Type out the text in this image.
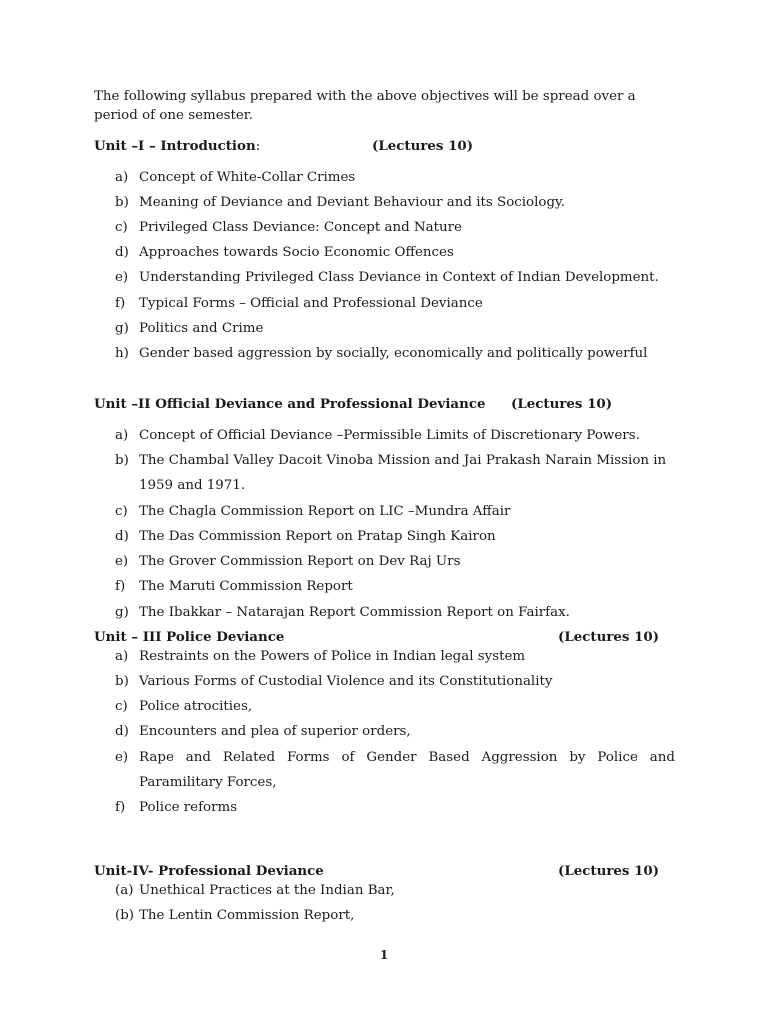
The following syllabus prepared with the above objectives will be spread over a period of one semester.
Unit –I – Introduction:	(Lectures 10)
a) Concept of White-Collar Crimes
b) Meaning of Deviance and Deviant Behaviour and its Sociology.
c) Privileged Class Deviance: Concept and Nature
d) Approaches towards Socio Economic Offences
e) Understanding Privileged Class Deviance in Context of Indian Development.
f)	Typical Forms – Official and Professional Deviance
g) Politics and Crime
h) Gender based aggression by socially, economically and politically powerful
Unit –II Official Deviance and Professional Deviance (Lectures 10)
a) Concept of Official Deviance –Permissible Limits of Discretionary Powers.
b) The Chambal Valley Dacoit Vinoba Mission and Jai Prakash Narain Mission in 1959 and 1971.
c) The Chagla Commission Report on LIC –Mundra Affair
d) The Das Commission Report on Pratap Singh Kairon
e) The Grover Commission Report on Dev Raj Urs
f)	The Maruti Commission Report
g) The Ibakkar – Natarajan Report Commission Report on Fairfax.
Unit – III Police Deviance	(Lectures 10)
a) Restraints on the Powers of Police in Indian legal system
b) Various Forms of Custodial Violence and its Constitutionality
c) Police atrocities,
d) Encounters and plea of superior orders,
e) Rape and Related Forms of Gender Based Aggression by Police and Paramilitary Forces,
f)	Police reforms
Unit-IV- Professional Deviance	(Lectures 10)
(a) Unethical Practices at the Indian Bar,
(b) The Lentin Commission Report,
1
